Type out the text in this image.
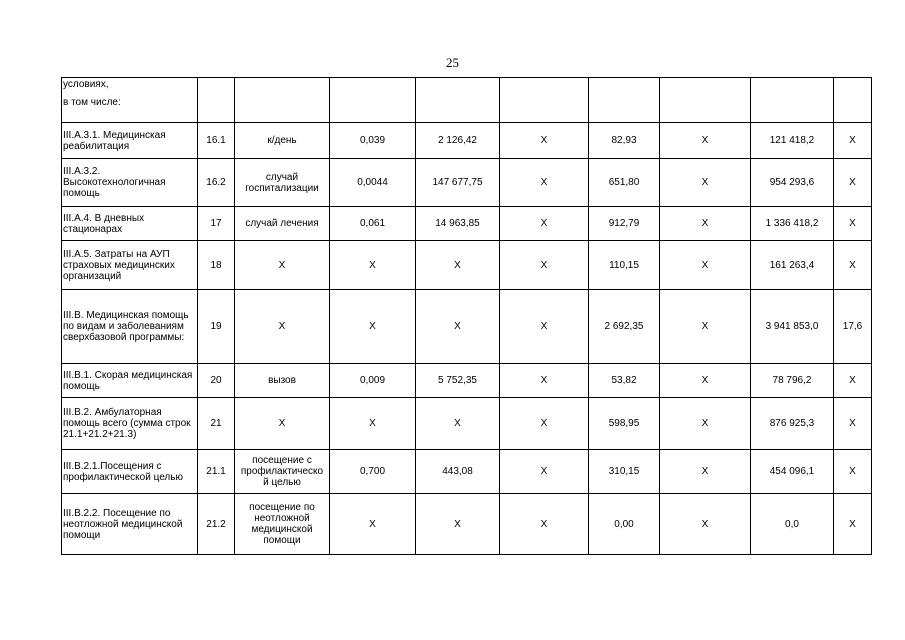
25
условиях,
в том числе:									

III.А.3.1. Медицинская реабилитация	16.1	к/день	0,039	2 126,42	Х	82,93	Х	121 418,2	Х
III.А.3.2. Высокотехнологичная помощь	16.2	случай госпитализации	0,0044	147 677,75	Х	651,80	Х	954 293,6	Х
III.А.4. В дневных стационарах	17	случай лечения	0,061	14 963,85	Х	912,79	Х	1 336 418,2	Х
III.А.5. Затраты на АУП страховых медицинских организаций	18	Х	Х	Х	Х	110,15	Х	161 263,4	Х
III.В. Медицинская помощь по видам и заболеваниям сверхбазовой программы:	19	Х	Х	Х	Х	2 692,35	Х	3 941 853,0	17,6
III.В.1. Скорая медицинская помощь	20	вызов	0,009	5 752,35	Х	53,82	Х	78 796,2	Х
III.В.2. Амбулаторная помощь всего (сумма строк 21.1+21.2+21.3)	21	Х	Х	Х	Х	598,95	Х	876 925,3	Х
III.В.2.1.Посещения с профилактической целью	21.1	посещение с профилактическо й целью	0,700	443,08	Х	310,15	Х	454 096,1	Х
III.В.2.2. Посещение по неотложной медицинской помощи	21.2	посещение по неотложной медицинской помощи	Х	Х	Х	0,00	Х	0,0	Х
